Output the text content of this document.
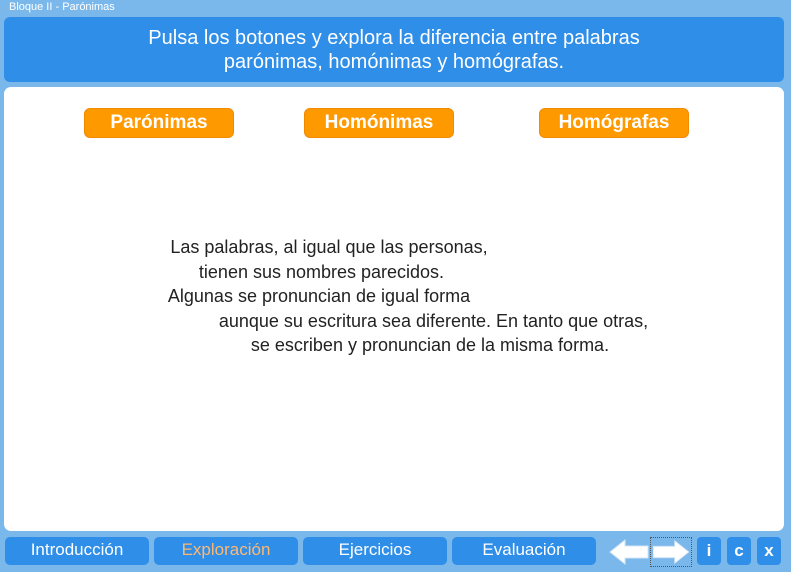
Bloque II - Parónimas
Pulsa los botones y explora la diferencia entre palabras
parónimas, homónimas y homógrafas.
Parónimas	Homónimas	Homógrafas
Las palabras, al igual que las personas,
tienen sus nombres parecidos.
Algunas se pronuncian de igual forma
aunque su escritura sea diferente. En tanto que otras,
se escriben y pronuncian de la misma forma.
Introducción	Exploración	Ejercicios	Evaluación	i	c	x
